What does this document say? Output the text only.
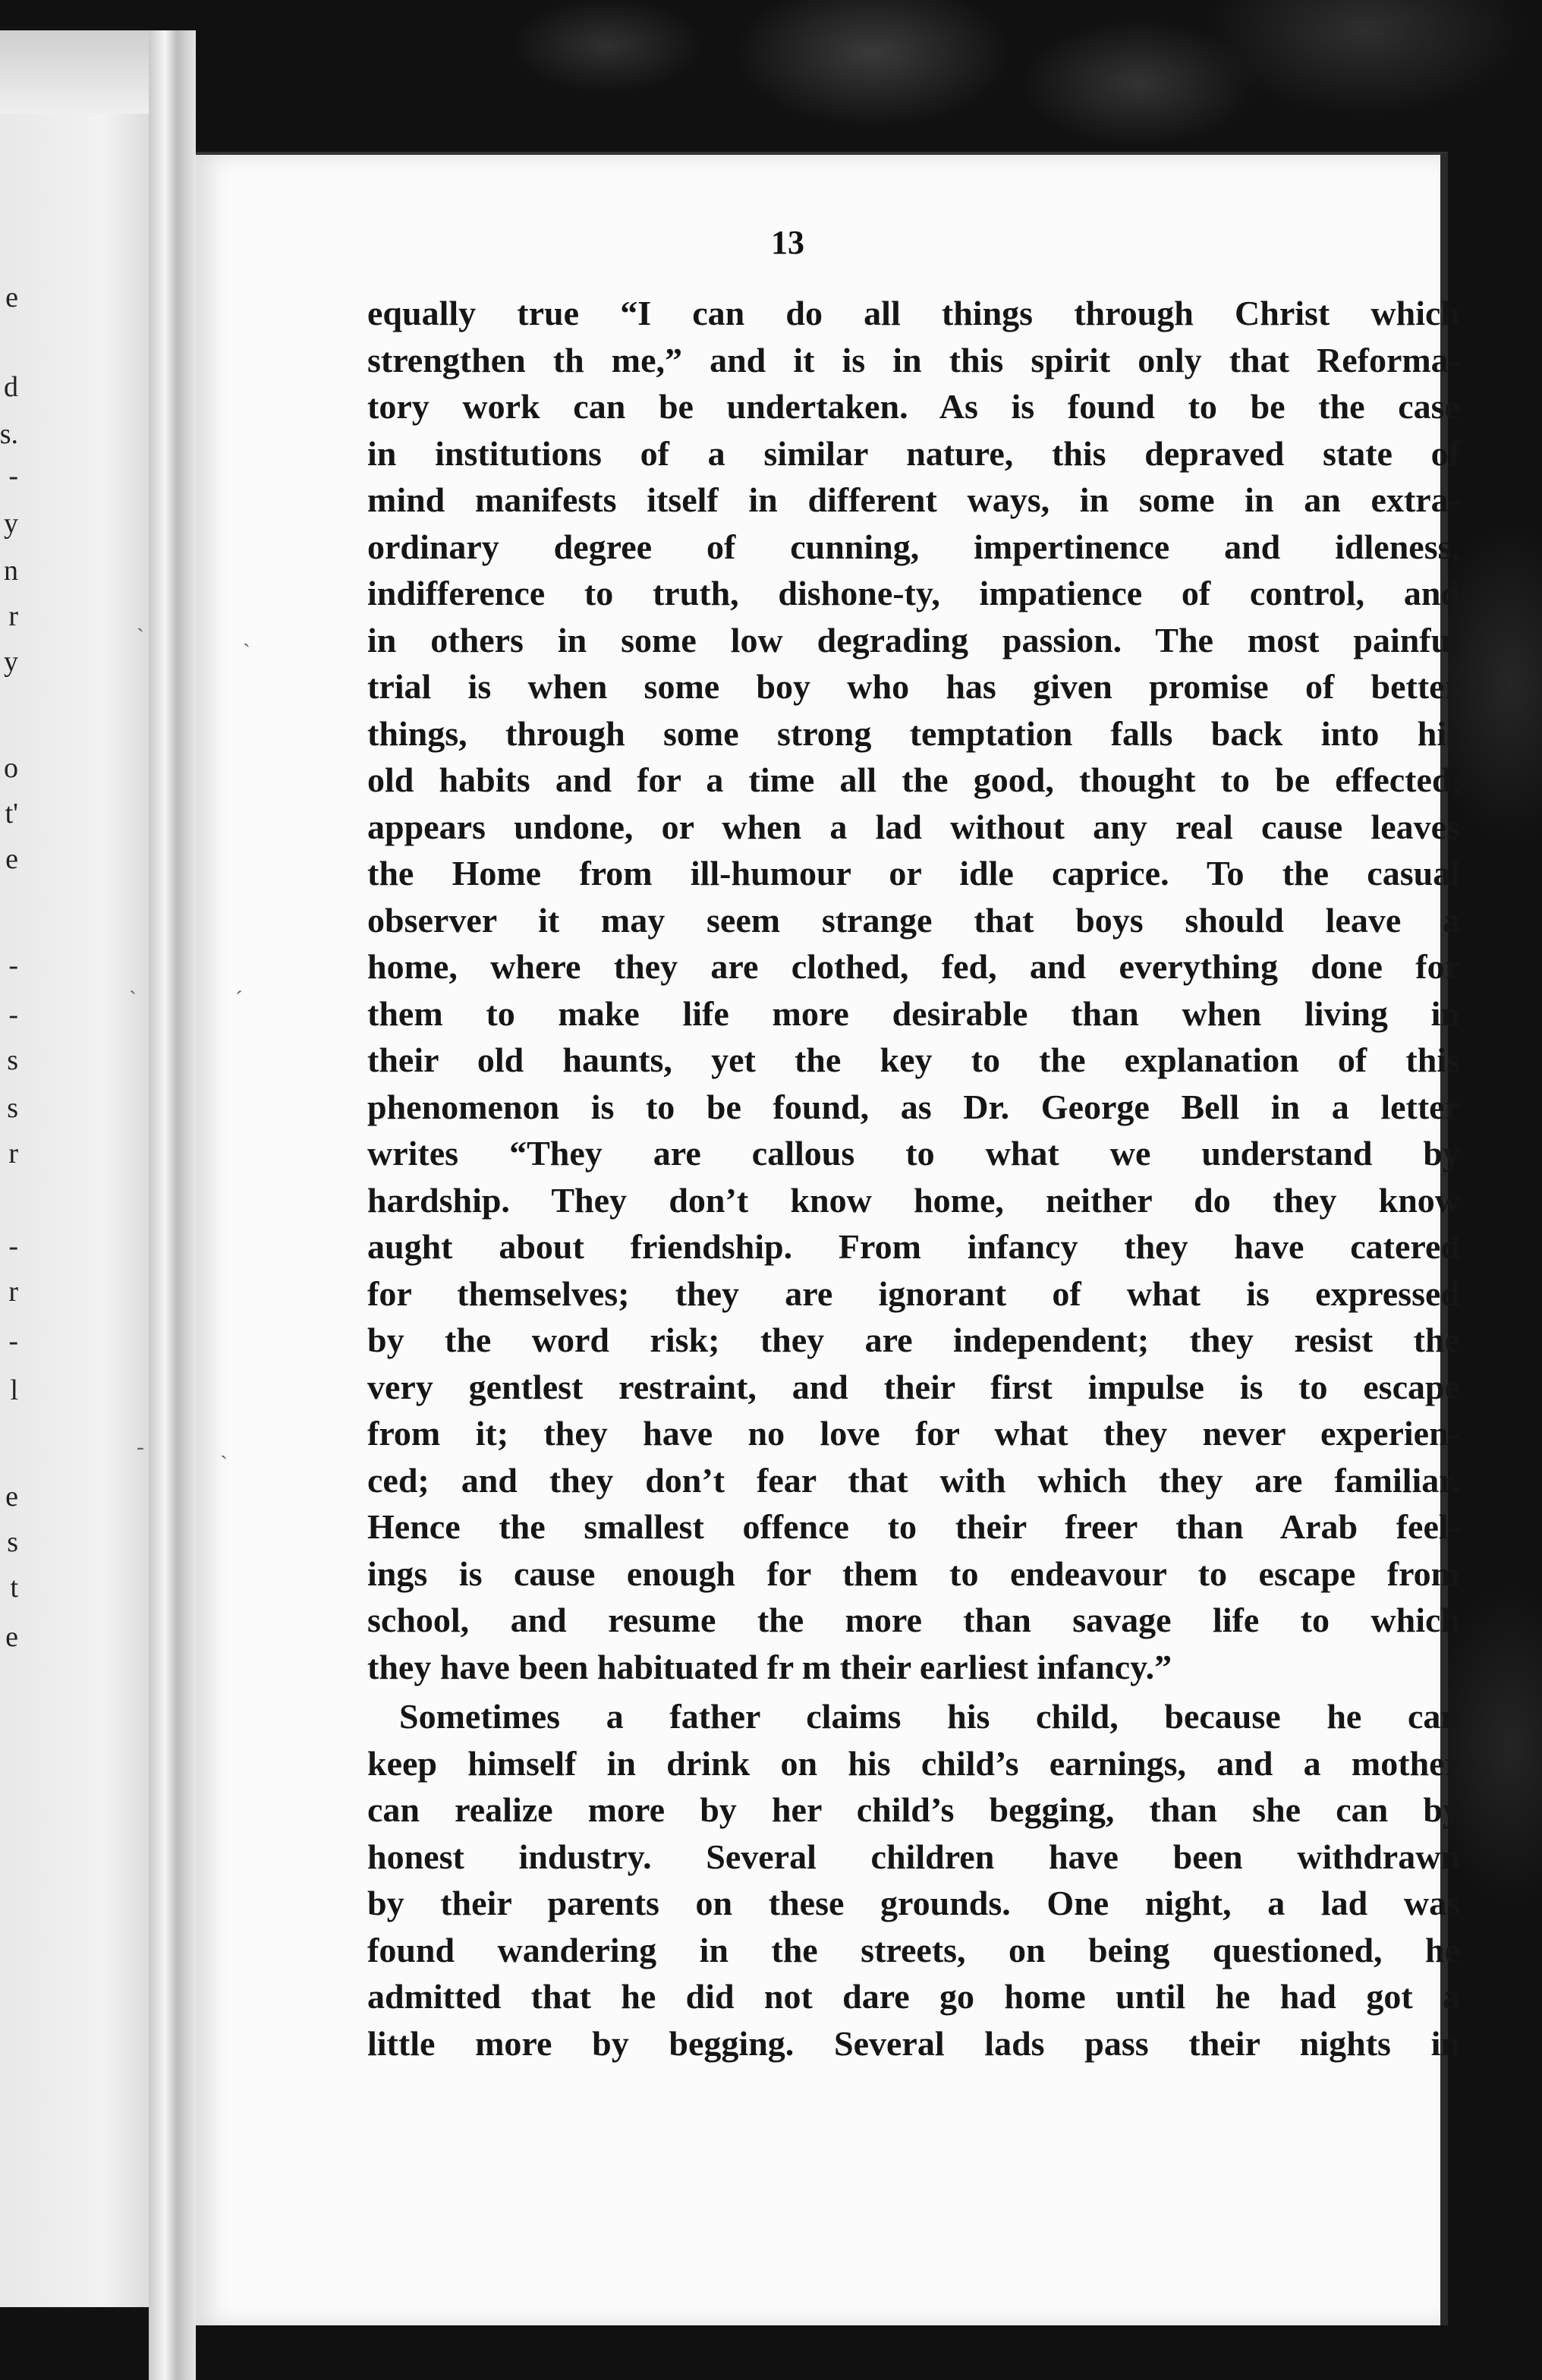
e
d
s.
-
y
n
r
y
o
t'
e
-
-
s
s
r
-
r
-
l
e
s
t
e
13
equally true “I can do all things through Christ which
strengthen th me,” and it is in this spirit only that Reforma-
tory work can be undertaken. As is found to be the case
in institutions of a similar nature, this depraved state of
mind manifests itself in different ways, in some in an extra-
ordinary degree of cunning, impertinence and idleness,
indifference to truth, dishone-ty, impatience of control, and
in others in some low degrading passion. The most painful
trial is when some boy who has given promise of better
things, through some strong temptation falls back into his
old habits and for a time all the good, thought to be effected,
appears undone, or when a lad without any real cause leaves
the Home from ill-humour or idle caprice. To the casual
observer it may seem strange that boys should leave a
home, where they are clothed, fed, and everything done for
them to make life more desirable than when living in
their old haunts, yet the key to the explanation of this
phenomenon is to be found, as Dr. George Bell in a letter
writes “They are callous to what we understand by
hardship. They don’t know home, neither do they know
aught about friendship. From infancy they have catered
for themselves; they are ignorant of what is expressed
by the word risk; they are independent; they resist the
very gentlest restraint, and their first impulse is to escape
from it; they have no love for what they never experien-
ced; and they don’t fear that with which they are familiar.
Hence the smallest offence to their freer than Arab feel-
ings is cause enough for them to endeavour to escape from
school, and resume the more than savage life to which
they have been habituated fr m their earliest infancy.”
Sometimes a father claims his child, because he can
keep himself in drink on his child’s earnings, and a mother
can realize more by her child’s begging, than she can by
honest industry. Several children have been withdrawn
by their parents on these grounds. One night, a lad was
found wandering in the streets, on being questioned, he
admitted that he did not dare go home until he had got a
little more by begging. Several lads pass their nights in
ˏ
ˎ
ˋ	ˊ
‐	ˎ
